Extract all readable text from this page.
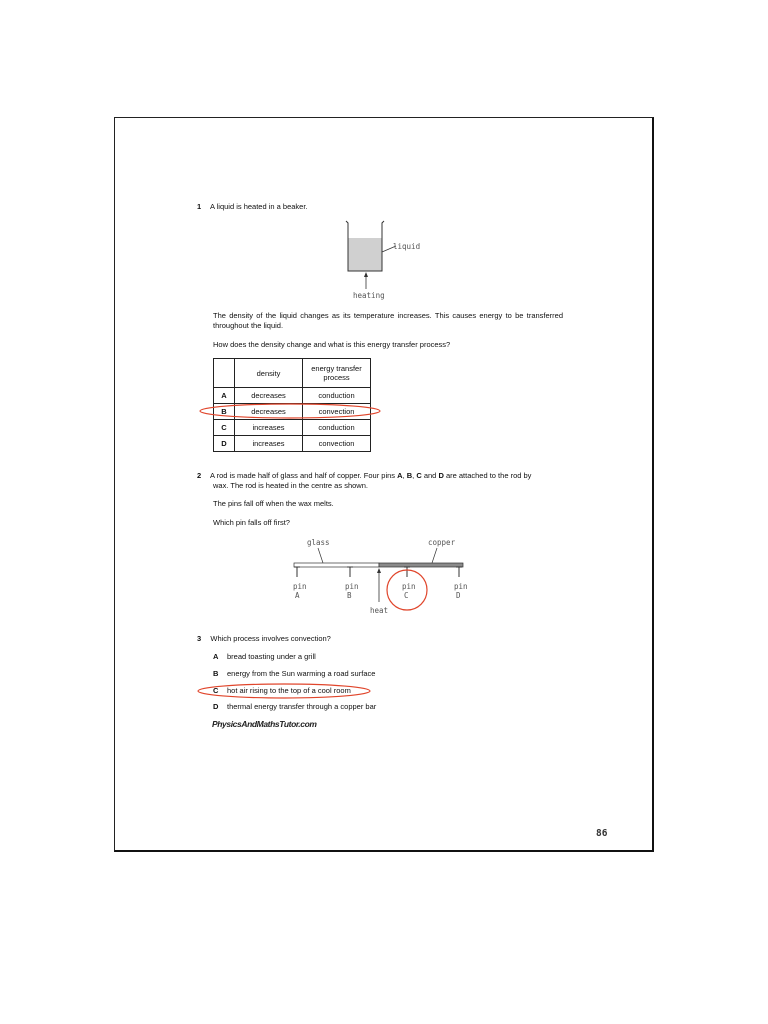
1 A liquid is heated in a beaker.
liquid
heating
The density of the liquid changes as its temperature increases. This causes energy to be transferred throughout the liquid.
How does the density change and what is this energy transfer process?
	density	energy transfer
process
A	decreases	conduction
B	decreases	convection
C	increases	conduction
D	increases	convection
2 A rod is made half of glass and half of copper. Four pins A, B, C and D are attached to the rod by
wax. The rod is heated in the centre as shown.
The pins fall off when the wax melts.
Which pin falls off first?
glass	copper
pin
A
pin
B
pin
C
pin
D
heat
3 Which process involves convection?
A bread toasting under a grill
B energy from the Sun warming a road surface
C hot air rising to the top of a cool room
D thermal energy transfer through a copper bar
PhysicsAndMathsTutor.com
86
